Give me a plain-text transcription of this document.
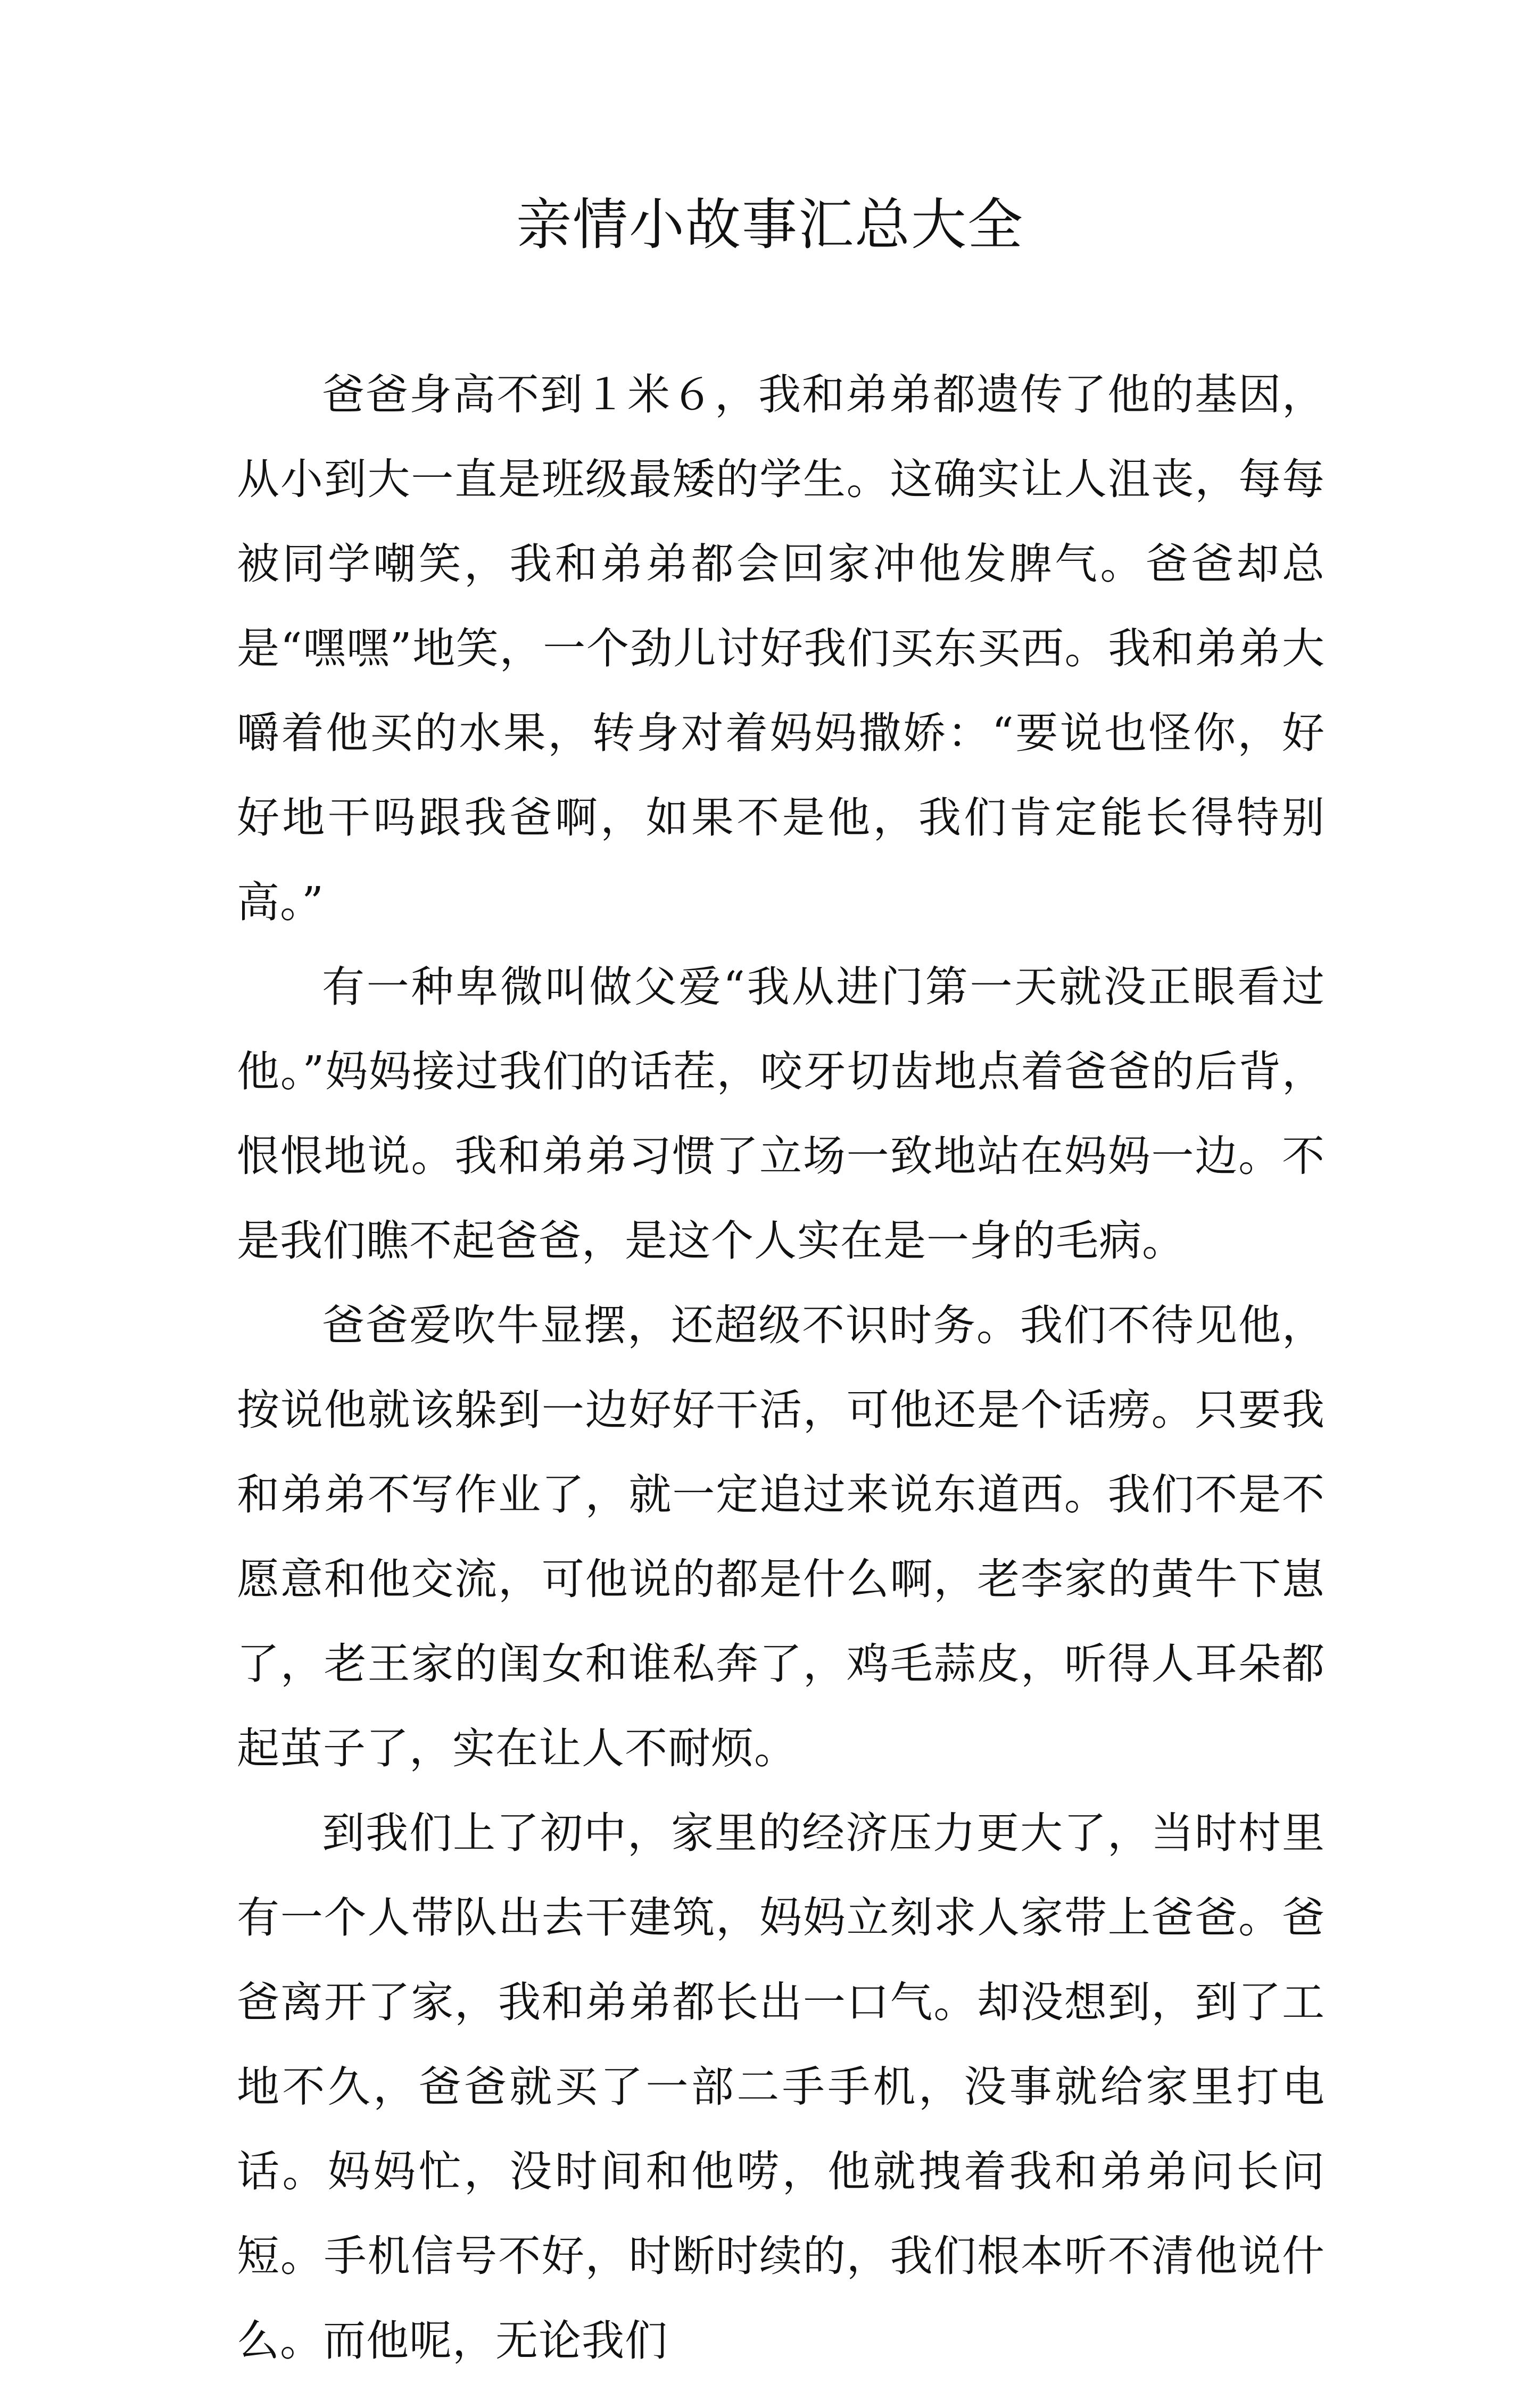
亲情小故事汇总大全

爸爸身高不到１米６，我和弟弟都遗传了他的基因，从小到大一直是班级最矮的学生。这确实让人沮丧，每每被同学嘲笑，我和弟弟都会回家冲他发脾气。爸爸却总是“嘿嘿”地笑，一个劲儿讨好我们买东买西。我和弟弟大嚼着他买的水果，转身对着妈妈撒娇：“要说也怪你，好好地干吗跟我爸啊，如果不是他，我们肯定能长得特别高。”

有一种卑微叫做父爱“我从进门第一天就没正眼看过他。”妈妈接过我们的话茬，咬牙切齿地点着爸爸的后背，恨恨地说。我和弟弟习惯了立场一致地站在妈妈一边。不是我们瞧不起爸爸，是这个人实在是一身的毛病。

爸爸爱吹牛显摆，还超级不识时务。我们不待见他，按说他就该躲到一边好好干活，可他还是个话痨。只要我和弟弟不写作业了，就一定追过来说东道西。我们不是不愿意和他交流，可他说的都是什么啊，老李家的黄牛下崽了，老王家的闺女和谁私奔了，鸡毛蒜皮，听得人耳朵都起茧子了，实在让人不耐烦。

到我们上了初中，家里的经济压力更大了，当时村里有一个人带队出去干建筑，妈妈立刻求人家带上爸爸。爸爸离开了家，我和弟弟都长出一口气。却没想到，到了工地不久，爸爸就买了一部二手手机，没事就给家里打电话。妈妈忙，没时间和他唠，他就拽着我和弟弟问长问短。手机信号不好，时断时续的，我们根本听不清他说什么。而他呢，无论我们
